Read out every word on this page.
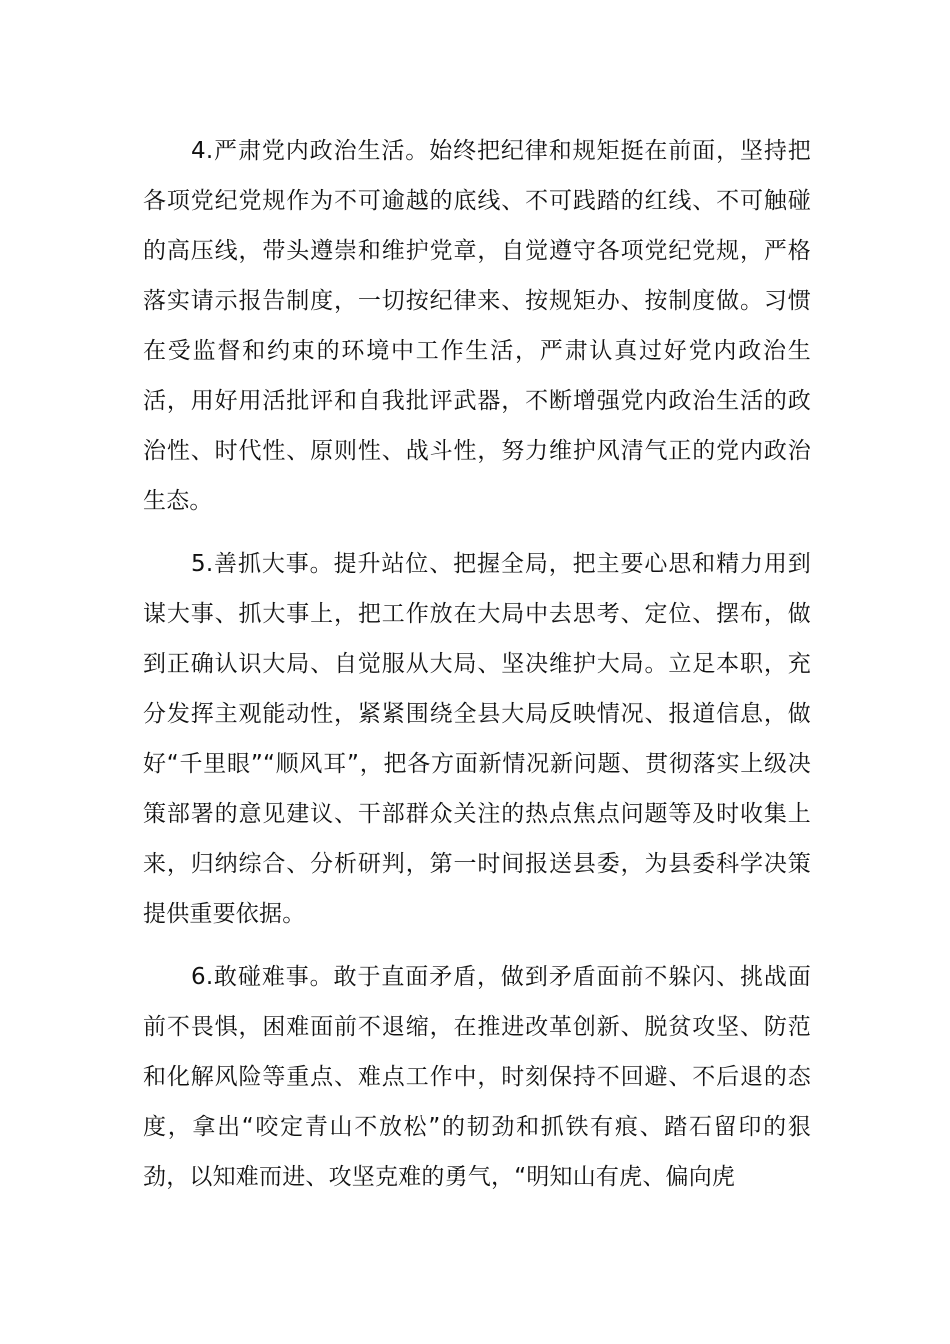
4.严肃党内政治生活。始终把纪律和规矩挺在前面，坚持把各项党纪党规作为不可逾越的底线、不可践踏的红线、不可触碰的高压线，带头遵崇和维护党章，自觉遵守各项党纪党规，严格落实请示报告制度，一切按纪律来、按规矩办、按制度做。习惯在受监督和约束的环境中工作生活，严肃认真过好党内政治生活，用好用活批评和自我批评武器，不断增强党内政治生活的政治性、时代性、原则性、战斗性，努力维护风清气正的党内政治生态。

5.善抓大事。提升站位、把握全局，把主要心思和精力用到谋大事、抓大事上，把工作放在大局中去思考、定位、摆布，做到正确认识大局、自觉服从大局、坚决维护大局。立足本职，充分发挥主观能动性，紧紧围绕全县大局反映情况、报道信息，做好“千里眼”“顺风耳”，把各方面新情况新问题、贯彻落实上级决策部署的意见建议、干部群众关注的热点焦点问题等及时收集上来，归纳综合、分析研判，第一时间报送县委，为县委科学决策提供重要依据。

6.敢碰难事。敢于直面矛盾，做到矛盾面前不躲闪、挑战面前不畏惧，困难面前不退缩，在推进改革创新、脱贫攻坚、防范和化解风险等重点、难点工作中，时刻保持不回避、不后退的态度，拿出“咬定青山不放松”的韧劲和抓铁有痕、踏石留印的狠劲，以知难而进、攻坚克难的勇气，“明知山有虎、偏向虎
